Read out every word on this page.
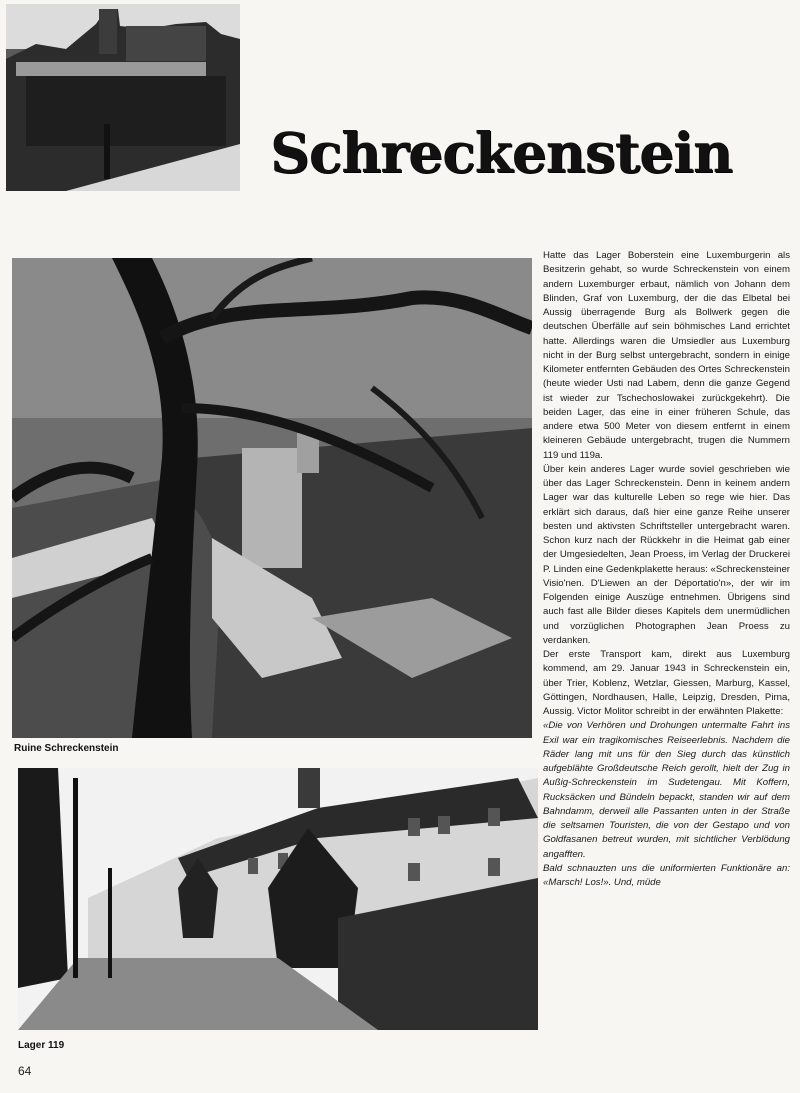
Schreckenstein
Ruine Schreckenstein
Lager 119

Hatte das Lager Boberstein eine Luxemburgerin als Besitzerin gehabt, so wurde Schreckenstein von einem andern Luxemburger erbaut, nämlich von Johann dem Blinden, Graf von Luxemburg, der die das Elbetal bei Aussig überragende Burg als Bollwerk gegen die deutschen Überfälle auf sein böhmisches Land errichtet hatte. Allerdings waren die Umsiedler aus Luxemburg nicht in der Burg selbst untergebracht, sondern in einige Kilometer entfernten Gebäuden des Ortes Schreckenstein (heute wieder Usti nad Labem, denn die ganze Gegend ist wieder zur Tschechoslowakei zurückgekehrt). Die beiden Lager, das eine in einer früheren Schule, das andere etwa 500 Meter von diesem entfernt in einem kleineren Gebäude untergebracht, trugen die Nummern 119 und 119a.

Über kein anderes Lager wurde soviel geschrieben wie über das Lager Schreckenstein. Denn in keinem andern Lager war das kulturelle Leben so rege wie hier. Das erklärt sich daraus, daß hier eine ganze Reihe unserer besten und aktivsten Schriftsteller untergebracht waren. Schon kurz nach der Rückkehr in die Heimat gab einer der Umgesiedelten, Jean Proess, im Verlag der Druckerei P. Linden eine Gedenkplakette heraus: «Schreckensteiner Visio'nen. D'Liewen an der Déportatio'n», der wir im Folgenden einige Auszüge entnehmen. Übrigens sind auch fast alle Bilder dieses Kapitels dem unermüdlichen und vorzüglichen Photographen Jean Proess zu verdanken.

Der erste Transport kam, direkt aus Luxemburg kommend, am 29. Januar 1943 in Schreckenstein ein, über Trier, Koblenz, Wetzlar, Giessen, Marburg, Kassel, Göttingen, Nordhausen, Halle, Leipzig, Dresden, Pirna, Aussig. Victor Molitor schreibt in der erwähnten Plakette:

«Die von Verhören und Drohungen untermalte Fahrt ins Exil war ein tragikomisches Reiseerlebnis. Nachdem die Räder lang mit uns für den Sieg durch das künstlich aufgeblähte Großdeutsche Reich gerollt, hielt der Zug in Außig-Schreckenstein im Sudetengau. Mit Koffern, Rucksäcken und Bündeln bepackt, standen wir auf dem Bahndamm, derweil alle Passanten unten in der Straße die seltsamen Touristen, die von der Gestapo und von Goldfasanen betreut wurden, mit sichtlicher Verblödung angafften.

Bald schnauzten uns die uniformierten Funktionäre an: «Marsch! Los!». Und, müde

64
